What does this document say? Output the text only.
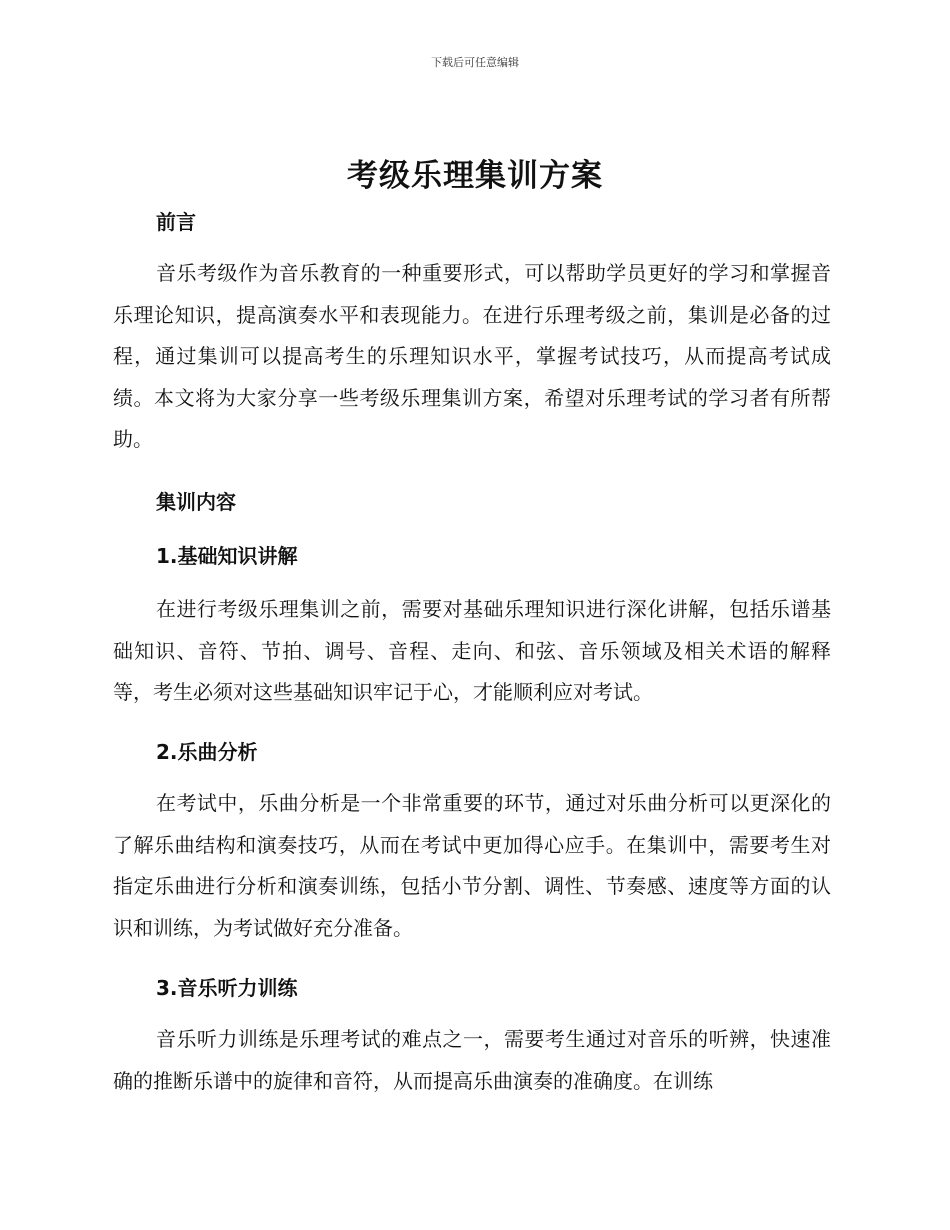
下载后可任意编辑
考级乐理集训方案
前言

音乐考级作为音乐教育的一种重要形式，可以帮助学员更好的学习和掌握音乐理论知识，提高演奏水平和表现能力。在进行乐理考级之前，集训是必备的过程，通过集训可以提高考生的乐理知识水平，掌握考试技巧，从而提高考试成绩。本文将为大家分享一些考级乐理集训方案，希望对乐理考试的学习者有所帮助。

集训内容
1.基础知识讲解

在进行考级乐理集训之前，需要对基础乐理知识进行深化讲解，包括乐谱基础知识、音符、节拍、调号、音程、走向、和弦、音乐领域及相关术语的解释等，考生必须对这些基础知识牢记于心，才能顺利应对考试。

2.乐曲分析

在考试中，乐曲分析是一个非常重要的环节，通过对乐曲分析可以更深化的了解乐曲结构和演奏技巧，从而在考试中更加得心应手。在集训中，需要考生对指定乐曲进行分析和演奏训练，包括小节分割、调性、节奏感、速度等方面的认识和训练，为考试做好充分准备。

3.音乐听力训练

音乐听力训练是乐理考试的难点之一，需要考生通过对音乐的听辨，快速准确的推断乐谱中的旋律和音符，从而提高乐曲演奏的准确度。在训练
